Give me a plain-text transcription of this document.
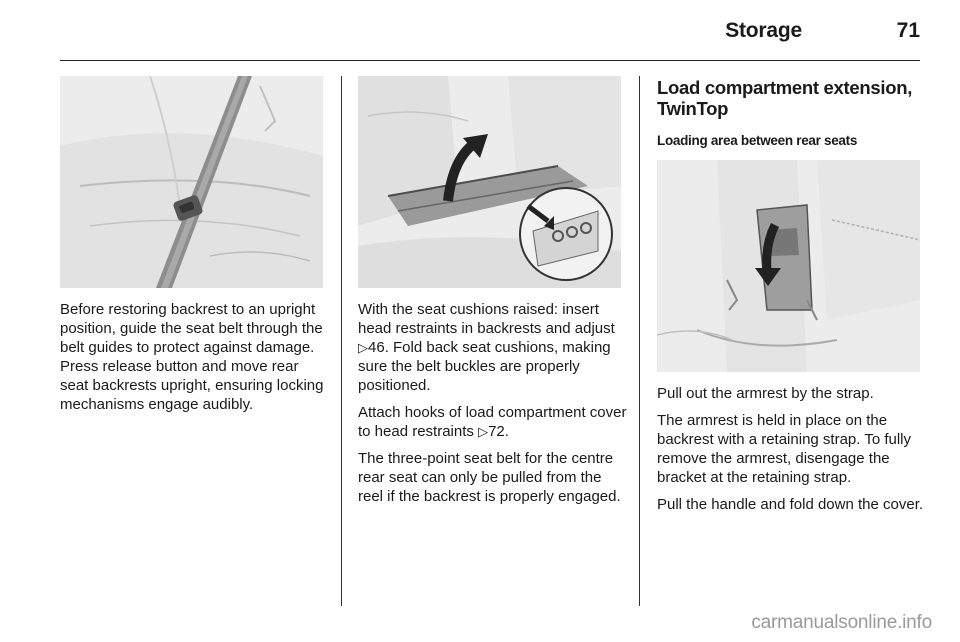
Storage	71

Before restoring backrest to an upright position, guide the seat belt through the belt guides to protect against damage. Press release button and move rear seat backrests upright, ensuring locking mechanisms engage audibly.

With the seat cushions raised: insert head restraints in backrests and adjust ▷46. Fold back seat cushions, making sure the belt buckles are properly positioned.

Attach hooks of load compartment cover to head restraints ▷72.

The three-point seat belt for the centre rear seat can only be pulled from the reel if the backrest is properly engaged.

Load compartment extension, TwinTop
Loading area between rear seats

Pull out the armrest by the strap.

The armrest is held in place on the backrest with a retaining strap. To fully remove the armrest, disengage the bracket at the retaining strap.

Pull the handle and fold down the cover.

carmanualsonline.info
